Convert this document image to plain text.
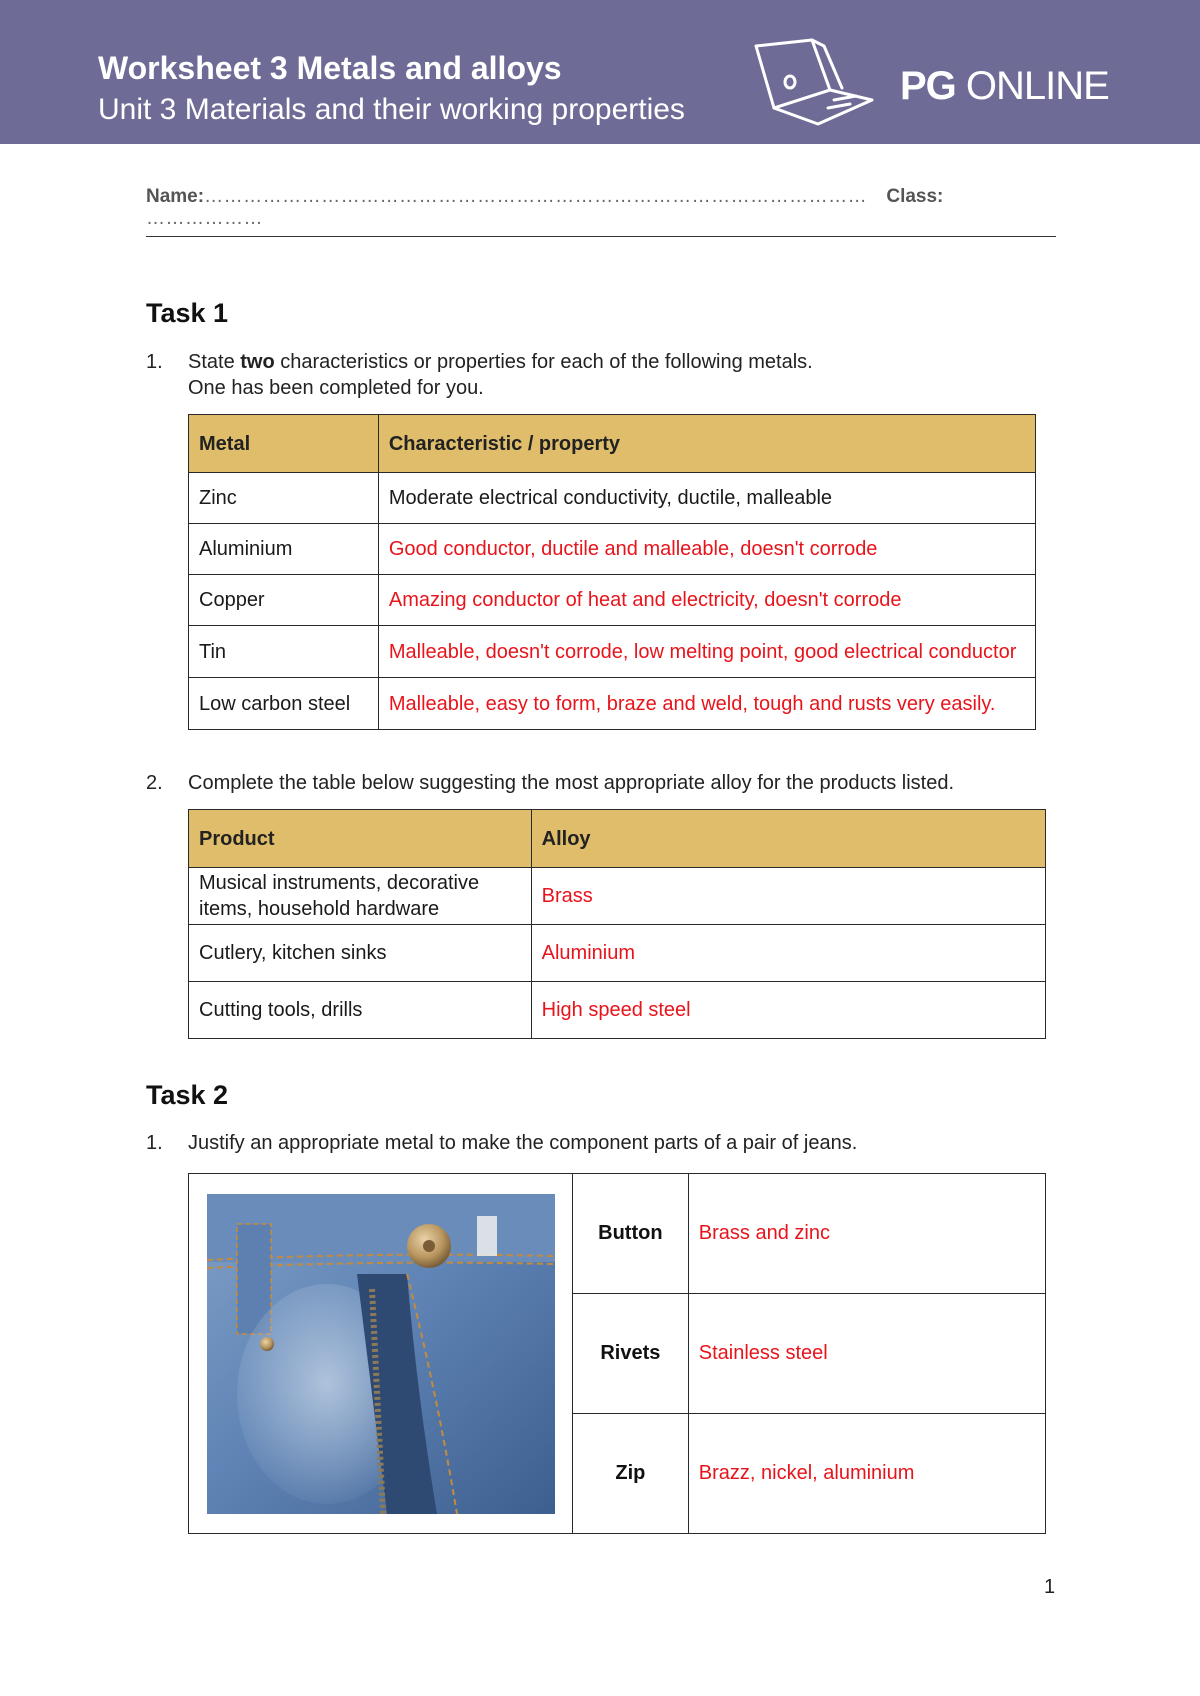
Worksheet 3 Metals and alloys
Unit 3 Materials and their working properties
PG ONLINE
Name:………………………………………………………………………………………… Class: ………………
Task 1
1. State two characteristics or properties for each of the following metals.
One has been completed for you.
Metal	Characteristic / property
Zinc	Moderate electrical conductivity, ductile, malleable
Aluminium	Good conductor, ductile and malleable, doesn't corrode
Copper	Amazing conductor of heat and electricity, doesn't corrode
Tin	Malleable, doesn't corrode, low melting point, good electrical conductor
Low carbon steel	Malleable, easy to form, braze and weld, tough and rusts very easily.
2. Complete the table below suggesting the most appropriate alloy for the products listed.
Product	Alloy
Musical instruments, decorative items, household hardware	Brass
Cutlery, kitchen sinks	Aluminium
Cutting tools, drills	High speed steel
Task 2
1. Justify an appropriate metal to make the component parts of a pair of jeans.
	Button	Brass and zinc
	Rivets	Stainless steel
	Zip	Brazz, nickel, aluminium
1
